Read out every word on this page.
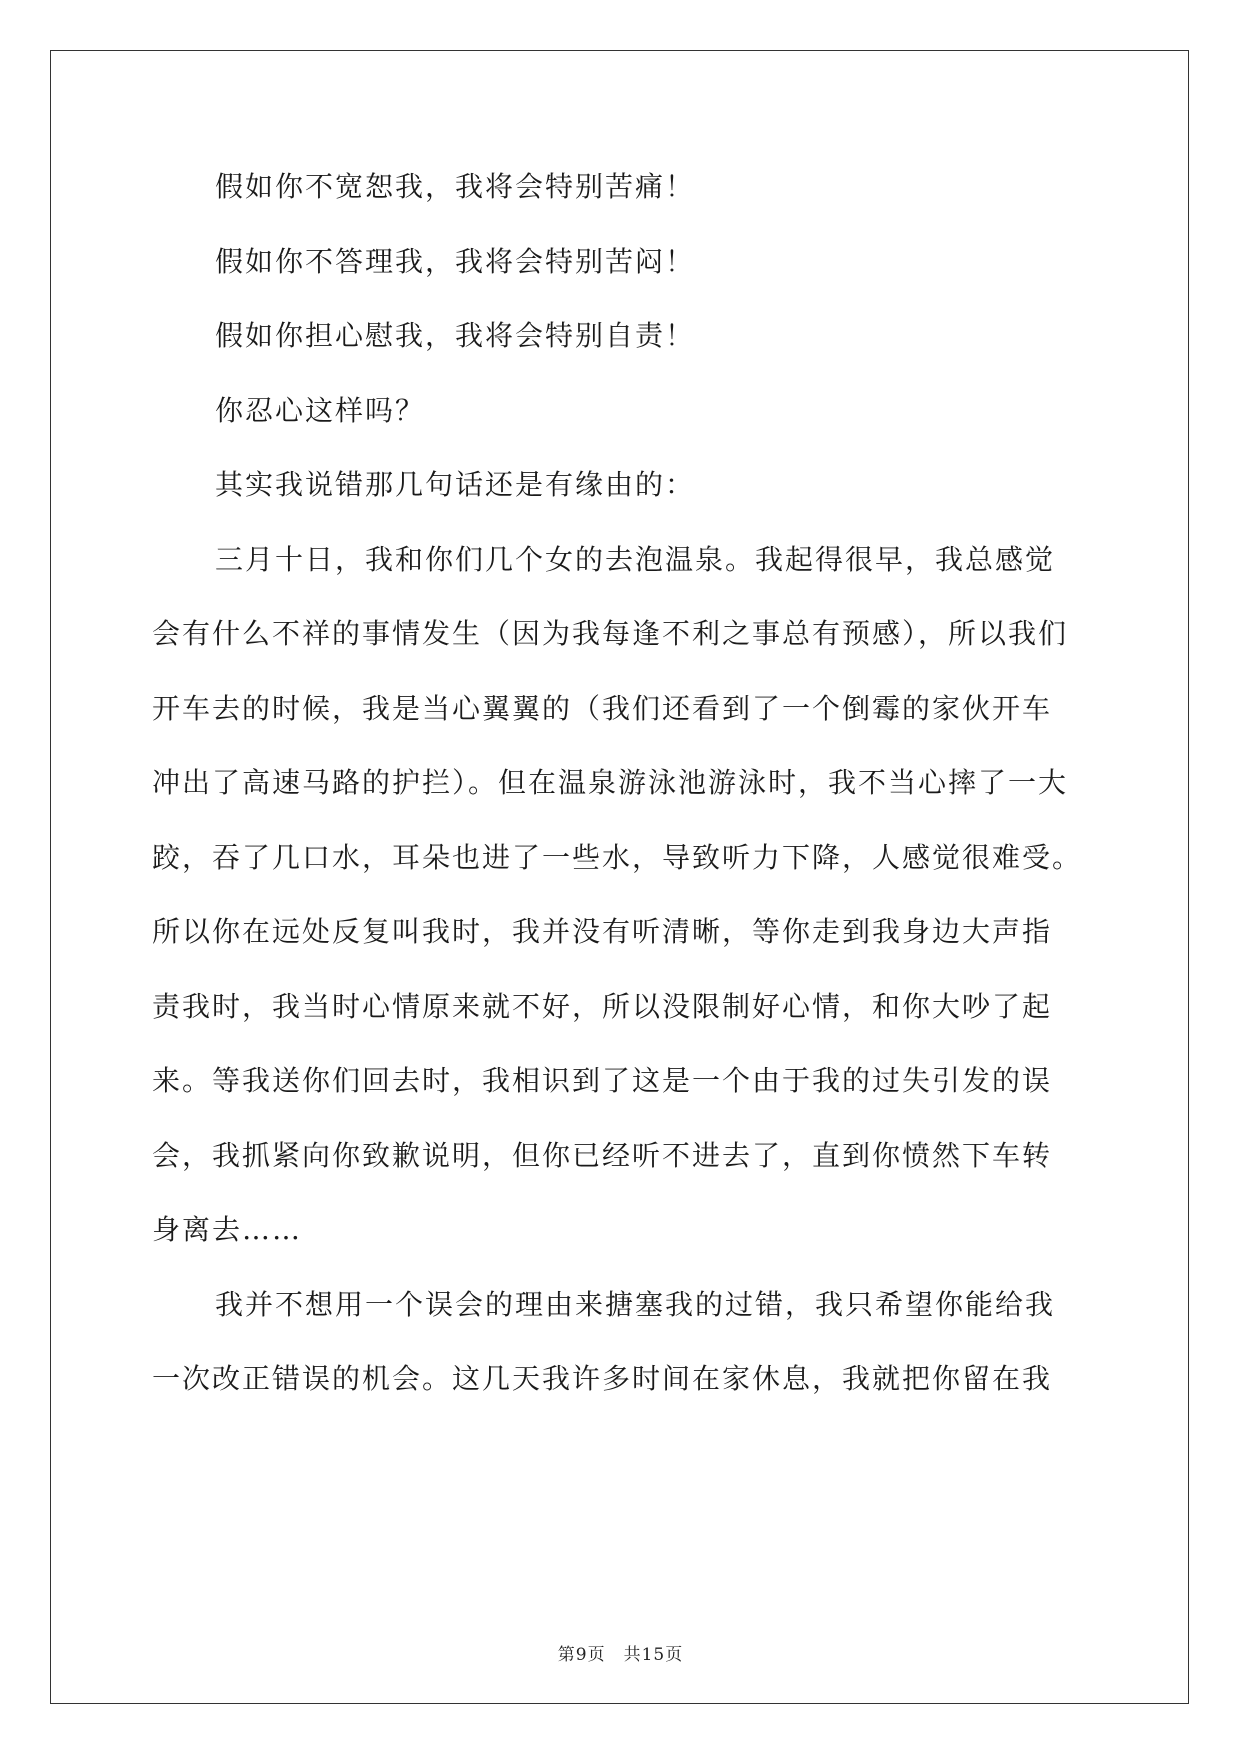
假如你不宽恕我，我将会特别苦痛！

假如你不答理我，我将会特别苦闷！

假如你担心慰我，我将会特别自责！

你忍心这样吗？

其实我说错那几句话还是有缘由的：

三月十日，我和你们几个女的去泡温泉。我起得很早，我总感觉
会有什么不祥的事情发生（因为我每逢不利之事总有预感），所以我们
开车去的时候，我是当心翼翼的（我们还看到了一个倒霉的家伙开车
冲出了高速马路的护拦）。但在温泉游泳池游泳时，我不当心摔了一大
跤，吞了几口水，耳朵也进了一些水，导致听力下降，人感觉很难受。
所以你在远处反复叫我时，我并没有听清晰，等你走到我身边大声指
责我时，我当时心情原来就不好，所以没限制好心情，和你大吵了起
来。等我送你们回去时，我相识到了这是一个由于我的过失引发的误
会，我抓紧向你致歉说明，但你已经听不进去了，直到你愤然下车转
身离去……
我并不想用一个误会的理由来搪塞我的过错，我只希望你能给我
一次改正错误的机会。这几天我许多时间在家休息，我就把你留在我
第9页　共15页
